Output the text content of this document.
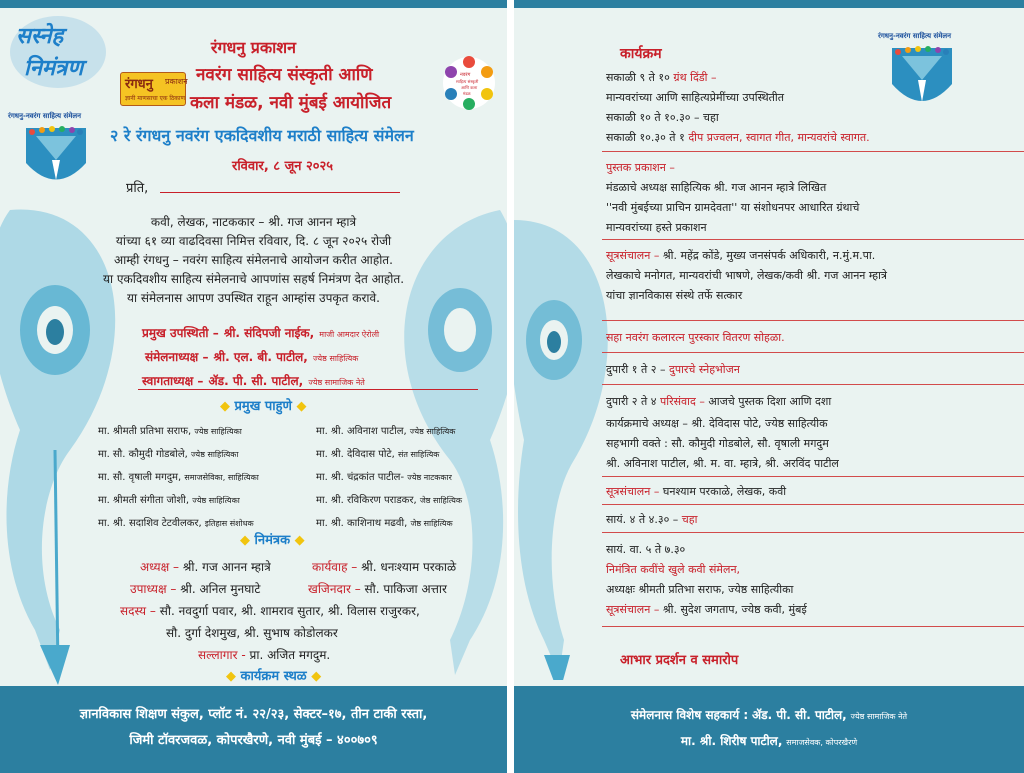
सस्नेह
निमंत्रण
रंगधनु प्रकाशन
ज्ञानी माणसाचा एक ठिकाण
रंगधनु प्रकाशन
नवरंग साहित्य संस्कृती आणि
कला मंडळ, नवी मुंबई आयोजित
नवरंग
साहित्य संस्कृती
आणि कला
मंडळ
रंगधनु-नवरंग साहित्य संमेलन
२ रे रंगधनु नवरंग एकदिवशीय मराठी साहित्य संमेलन
रविवार, ८ जून २०२५
प्रति,
कवी, लेखक, नाटककार – श्री. गज आनन म्हात्रे
यांच्या ६१ व्या वाढदिवसा निमित्त रविवार, दि. ८ जून २०२५ रोजी
आम्ही रंगधनु – नवरंग साहित्य संमेलनाचे आयोजन करीत आहोत.
या एकदिवशीय साहित्य संमेलनाचे आपणांस सहर्ष निमंत्रण देत आहोत.
या संमेलनास आपण उपस्थित राहून आम्हांस उपकृत करावे.
प्रमुख उपस्थिती – श्री. संदिपजी नाईक, माजी आमदार ऐरोली
संमेलनाध्यक्ष – श्री. एल. बी. पाटील, ज्येष्ठ साहित्यिक
स्वागताध्यक्ष – ॲड. पी. सी. पाटील, ज्येष्ठ सामाजिक नेते
◆ प्रमुख पाहुणे ◆
मा. श्रीमती प्रतिभा सराफ, ज्येष्ठ साहित्यिका
मा. सौ. कौमुदी गोडबोले, ज्येष्ठ साहित्यिका
मा. सौ. वृषाली मगदुम, समाजसेविका, साहित्यिका
मा. श्रीमती संगीता जोशी, ज्येष्ठ साहित्यिका
मा. श्री. सदाशिव टेटवीलकर, इतिहास संशोधक
मा. श्री. अविनाश पाटील, ज्येष्ठ साहित्यिक
मा. श्री. देविदास पोटे, संत साहित्यिक
मा. श्री. चंद्रकांत पाटील- ज्येष्ठ नाटककार
मा. श्री. रविकिरण पराडकर, जेष्ठ साहित्यिक
मा. श्री. काशिनाथ मढवी, जेष्ठ साहित्यिक
◆ निमंत्रक ◆
अध्यक्ष – श्री. गज आनन म्हात्रे	कार्यवाह – श्री. धनःश्याम परकाळे
उपाध्यक्ष – श्री. अनिल मुनघाटे	खजिनदार – सौ. पाकिजा अत्तार
सदस्य – सौ. नवदुर्गा पवार, श्री. शामराव सुतार, श्री. विलास राजुरकर,
सौ. दुर्गा देशमुख, श्री. सुभाष कोडोलकर
सल्लागार - प्रा. अजित मगदुम.
◆ कार्यक्रम स्थळ ◆
ज्ञानविकास शिक्षण संकुल, प्लॉट नं. २२/२३, सेक्टर–१७, तीन टाकी रस्ता,
जिमी टॉवरजवळ, कोपरखैरणे, नवी मुंबई – ४००७०९
रंगधनु-नवरंग साहित्य संमेलन
कार्यक्रम
सकाळी ९ ते १० ग्रंथ दिंडी –
मान्यवरांच्या आणि साहित्यप्रेमींच्या उपस्थितीत
सकाळी १० ते १०.३० – चहा
सकाळी १०.३० ते १ दीप प्रज्वलन, स्वागत गीत, मान्यवरांचे स्वागत.
पुस्तक प्रकाशन –
मंडळाचे अध्यक्ष साहित्यिक श्री. गज आनन म्हात्रे लिखित
''नवी मुंबईच्या प्राचिन ग्रामदेवता'' या संशोधनपर आधारित ग्रंथाचे
मान्यवरांच्या हस्ते प्रकाशन
सूत्रसंचालन – श्री. महेंद्र कोंडे, मुख्य जनसंपर्क अधिकारी, न.मुं.म.पा.
लेखकाचे मनोगत, मान्यवरांची भाषणे, लेखक/कवी श्री. गज आनन म्हात्रे
यांचा ज्ञानविकास संस्थे तर्फे सत्कार
सहा नवरंग कलारत्न पुरस्कार वितरण सोहळा.
दुपारी १ ते २ – दुपारचे स्नेहभोजन
दुपारी २ ते ४ परिसंवाद – आजचे पुस्तक दिशा आणि दशा
कार्यक्रमाचे अध्यक्ष – श्री. देविदास पोटे, ज्येष्ठ साहित्यीक
सहभागी वक्ते : सौ. कौमुदी गोडबोले, सौ. वृषाली मगदुम
श्री. अविनाश पाटील, श्री. म. वा. म्हात्रे, श्री. अरविंद पाटील
सूत्रसंचालन – घनश्याम परकाळे, लेखक, कवी
सायं. ४ ते ४.३० – चहा
सायं. वा. ५ ते ७.३०
निमंत्रित कवींचे खुले कवी संमेलन,
अध्यक्षः श्रीमती प्रतिभा सराफ, ज्येष्ठ साहित्यीका
सूत्रसंचालन – श्री. सुदेश जगताप, ज्येष्ठ कवी, मुंबई
आभार प्रदर्शन व समारोप
संमेलनास विशेष सहकार्य : ॲड. पी. सी. पाटील, ज्येष्ठ सामाजिक नेते
मा. श्री. शिरीष पाटील, समाजसेवक, कोपरखैरणे
